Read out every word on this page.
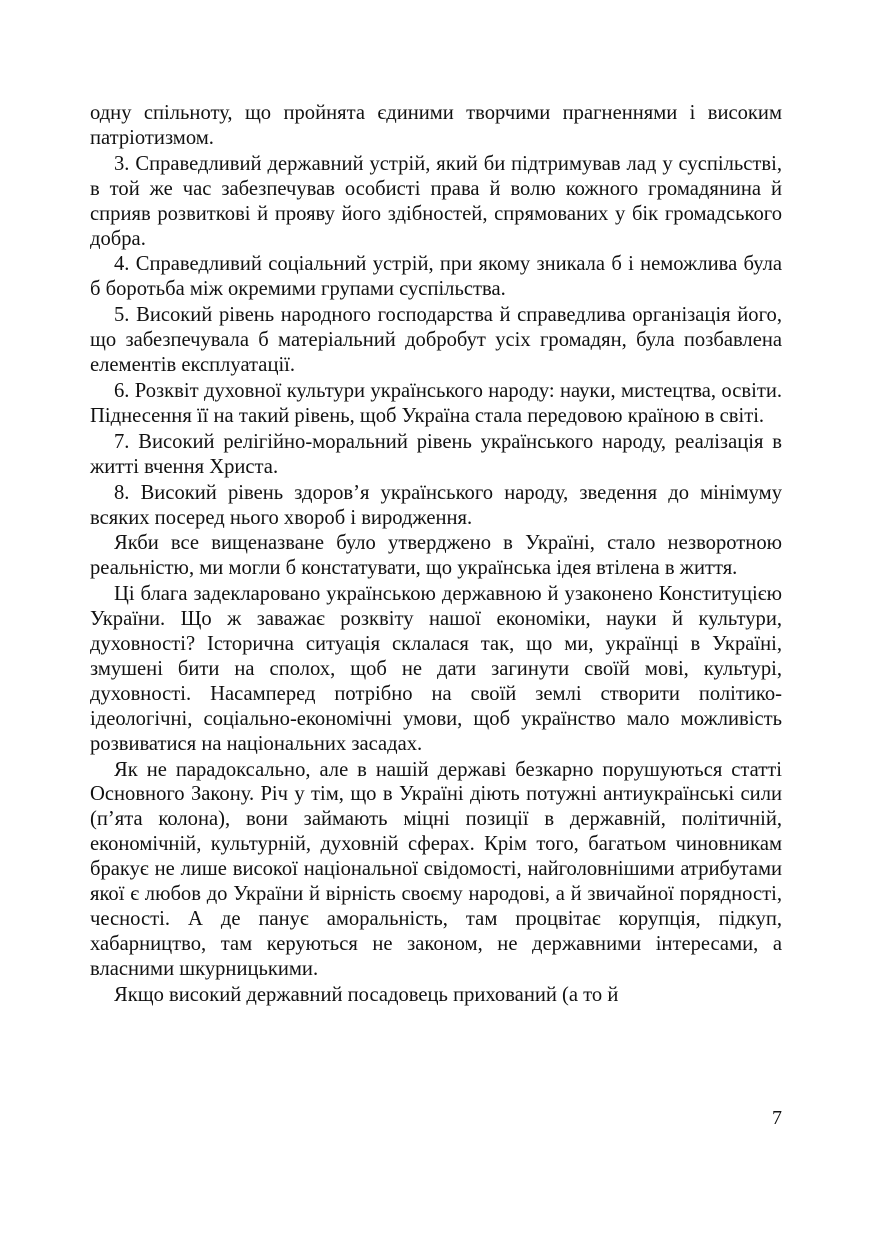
одну спільноту, що пройнята єдиними творчими прагненнями і високим патріотизмом.

3. Справедливий державний устрій, який би підтримував лад у суспільстві, в той же час забезпечував особисті права й волю кожного громадянина й сприяв розвиткові й прояву його здібностей, спрямованих у бік громадського добра.

4. Справедливий соціальний устрій, при якому зникала б і неможлива була б боротьба між окремими групами суспільства.

5. Високий рівень народного господарства й справедлива організація його, що забезпечувала б матеріальний добробут усіх громадян, була позбавлена елементів експлуатації.

6. Розквіт духовної культури українського народу: науки, мистецтва, освіти. Піднесення її на такий рівень, щоб Україна стала передовою країною в світі.

7. Високий релігійно-моральний рівень українського народу, реалізація в житті вчення Христа.

8. Високий рівень здоров’я українського народу, зведення до мінімуму всяких посеред нього хвороб і виродження.

Якби все вищеназване було утверджено в Україні, стало незворотною реальністю, ми могли б констатувати, що українська ідея втілена в життя.

Ці блага задекларовано українською державною й узаконено Конституцією України. Що ж заважає розквіту нашої економіки, науки й культури, духовності? Історична ситуація склалася так, що ми, українці в Україні, змушені бити на сполох, щоб не дати загинути своїй мові, культурі, духовності. Насамперед потрібно на своїй землі створити політико-ідеологічні, соціально-економічні умови, щоб українство мало можливість розвиватися на національних засадах.

Як не парадоксально, але в нашій державі безкарно порушуються статті Основного Закону. Річ у тім, що в Україні діють потужні антиукраїнські сили (п’ята колона), вони займають міцні позиції в державній, політичній, економічній, культурній, духовній сферах. Крім того, багатьом чиновникам бракує не лише високої національної свідомості, найголовнішими атрибутами якої є любов до України й вірність своєму народові, а й звичайної порядності, чесності. А де панує аморальність, там процвітає корупція, підкуп, хабарництво, там керуються не законом, не державними інтересами, а власними шкурницькими.

Якщо високий державний посадовець прихований (а то й

7
